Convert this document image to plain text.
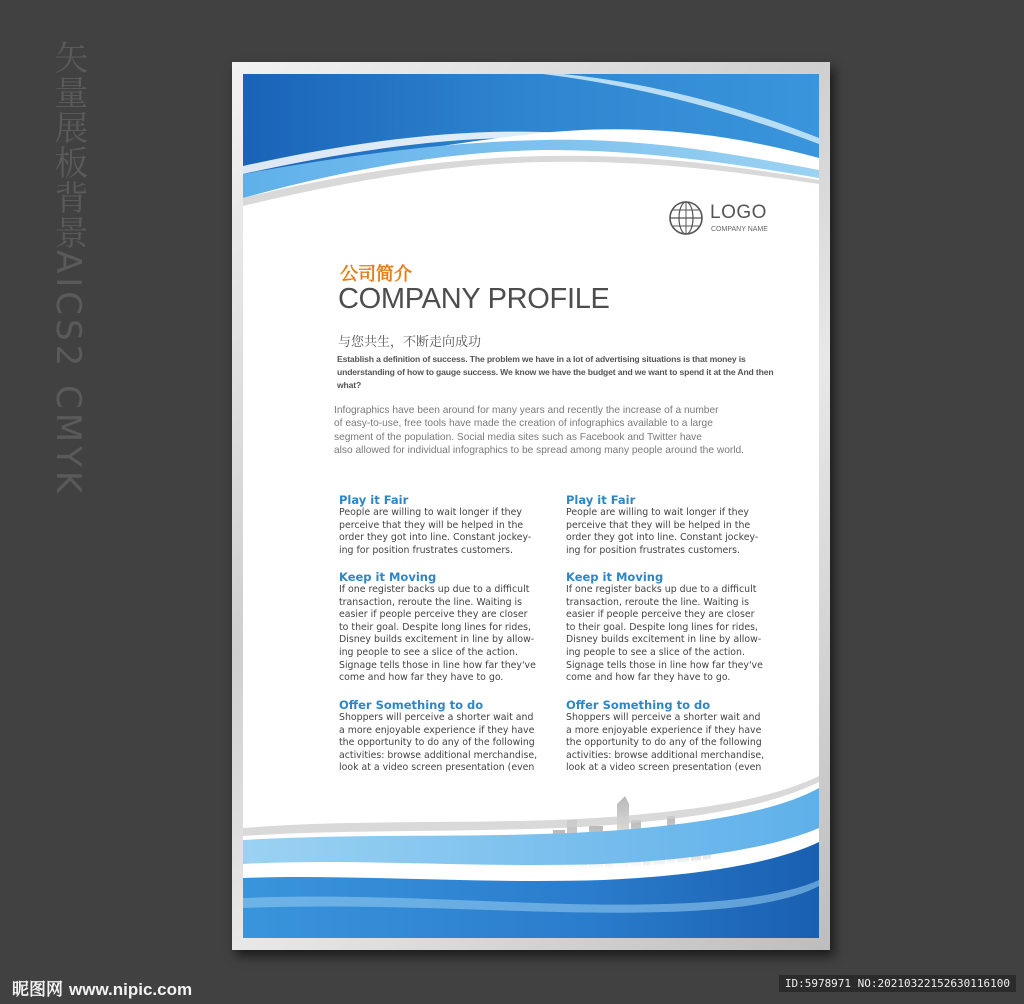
矢量展板背景
AICS2 CMYK
LOGO
COMPANY NAME
公司简介
COMPANY PROFILE
与您共生，不断走向成功
Establish a definition of success. The problem we have in a lot of advertising situations is that money is understanding of how to gauge success. We know we have the budget and we want to spend it at the And then what?
Infographics have been around for many years and recently the increase of a number
of easy-to-use, free tools have made the creation of infographics available to a large
segment of the population. Social media sites such as Facebook and Twitter have
also allowed for individual infographics to be spread among many people around the world.
Play it Fair
People are willing to wait longer if they
perceive that they will be helped in the
order they got into line. Constant jockey-
ing for position frustrates customers.
Keep it Moving
If one register backs up due to a difficult
transaction, reroute the line. Waiting is
easier if people perceive they are closer
to their goal. Despite long lines for rides,
Disney builds excitement in line by allow-
ing people to see a slice of the action.
Signage tells those in line how far they've
come and how far they have to go.
Offer Something to do
Shoppers will perceive a shorter wait and
a more enjoyable experience if they have
the opportunity to do any of the following
activities: browse additional merchandise,
look at a video screen presentation (even
Play it Fair
People are willing to wait longer if they
perceive that they will be helped in the
order they got into line. Constant jockey-
ing for position frustrates customers.
Keep it Moving
If one register backs up due to a difficult
transaction, reroute the line. Waiting is
easier if people perceive they are closer
to their goal. Despite long lines for rides,
Disney builds excitement in line by allow-
ing people to see a slice of the action.
Signage tells those in line how far they've
come and how far they have to go.
Offer Something to do
Shoppers will perceive a shorter wait and
a more enjoyable experience if they have
the opportunity to do any of the following
activities: browse additional merchandise,
look at a video screen presentation (even
昵图网 www.nipic.com	ID:5978971 NO:20210322152630116100
